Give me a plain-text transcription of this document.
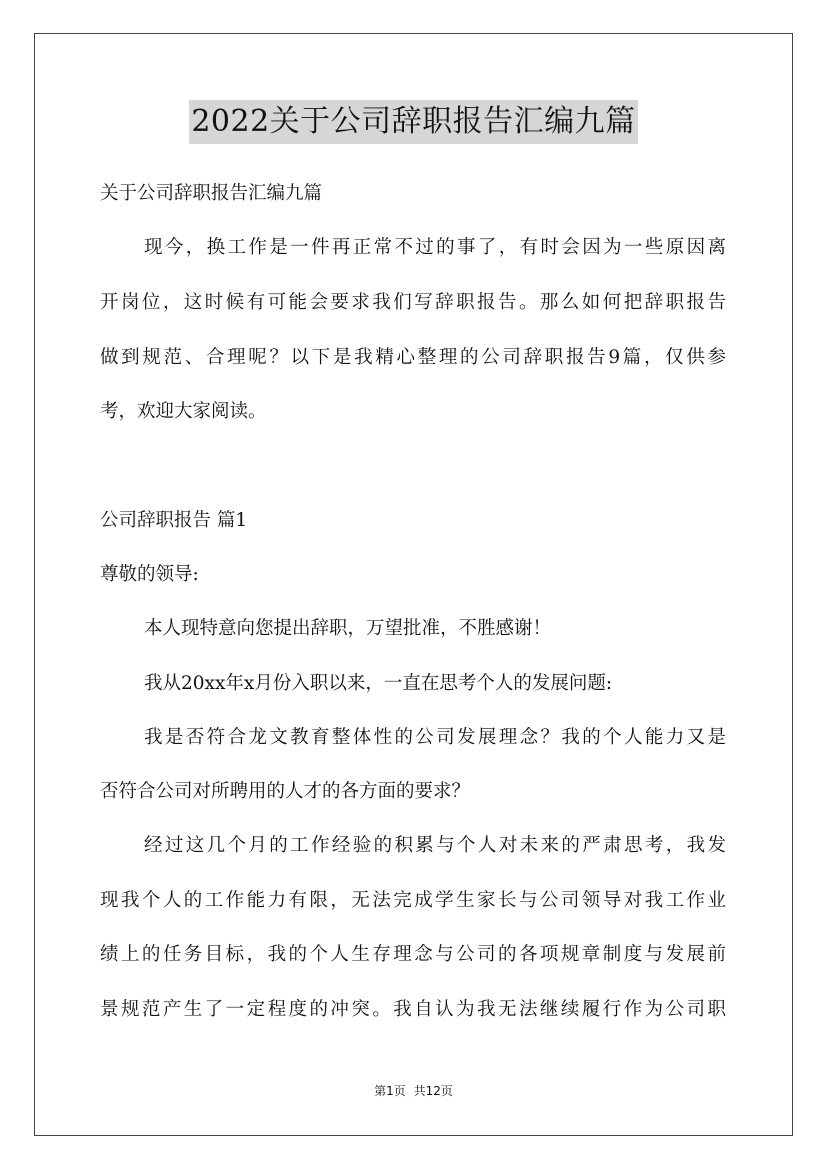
2022关于公司辞职报告汇编九篇
关于公司辞职报告汇编九篇
现今，换工作是一件再正常不过的事了，有时会因为一些原因离
开岗位，这时候有可能会要求我们写辞职报告。那么如何把辞职报告
做到规范、合理呢？以下是我精心整理的公司辞职报告9篇，仅供参
考，欢迎大家阅读。
公司辞职报告 篇1
尊敬的领导:
本人现特意向您提出辞职，万望批准，不胜感谢！
我从20xx年x月份入职以来，一直在思考个人的发展问题:
我是否符合龙文教育整体性的公司发展理念？我的个人能力又是
否符合公司对所聘用的人才的各方面的要求？
经过这几个月的工作经验的积累与个人对未来的严肃思考，我发
现我个人的工作能力有限，无法完成学生家长与公司领导对我工作业
绩上的任务目标，我的个人生存理念与公司的各项规章制度与发展前
景规范产生了一定程度的冲突。我自认为我无法继续履行作为公司职
第1页 共12页
